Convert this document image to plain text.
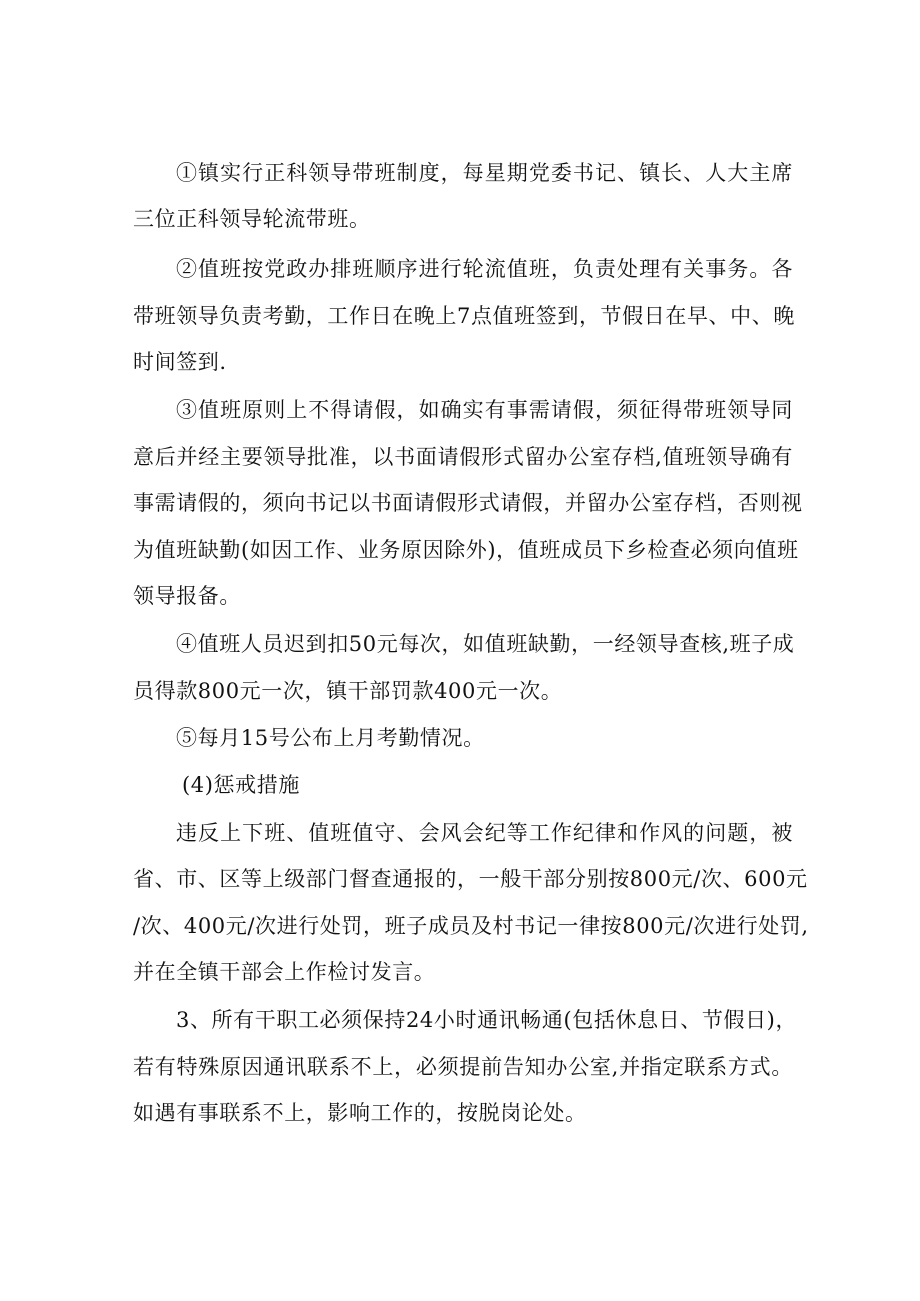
①镇实行正科领导带班制度，每星期党委书记、镇长、人大主席
三位正科领导轮流带班。
②值班按党政办排班顺序进行轮流值班，负责处理有关事务。各
带班领导负责考勤，工作日在晚上7点值班签到，节假日在早、中、晚
时间签到.
③值班原则上不得请假，如确实有事需请假，须征得带班领导同
意后并经主要领导批准，以书面请假形式留办公室存档,值班领导确有
事需请假的，须向书记以书面请假形式请假，并留办公室存档，否则视
为值班缺勤(如因工作、业务原因除外)，值班成员下乡检查必须向值班
领导报备。
④值班人员迟到扣50元每次，如值班缺勤，一经领导查核,班子成
员得款800元一次，镇干部罚款400元一次。
⑤每月15号公布上月考勤情况。
(4)惩戒措施
违反上下班、值班值守、会风会纪等工作纪律和作风的问题，被
省、市、区等上级部门督查通报的，一般干部分别按800元/次、600元
/次、400元/次进行处罚，班子成员及村书记一律按800元/次进行处罚,
并在全镇干部会上作检讨发言。
3、所有干职工必须保持24小时通讯畅通(包括休息日、节假日)，
若有特殊原因通讯联系不上，必须提前告知办公室,并指定联系方式。
如遇有事联系不上，影响工作的，按脱岗论处。
